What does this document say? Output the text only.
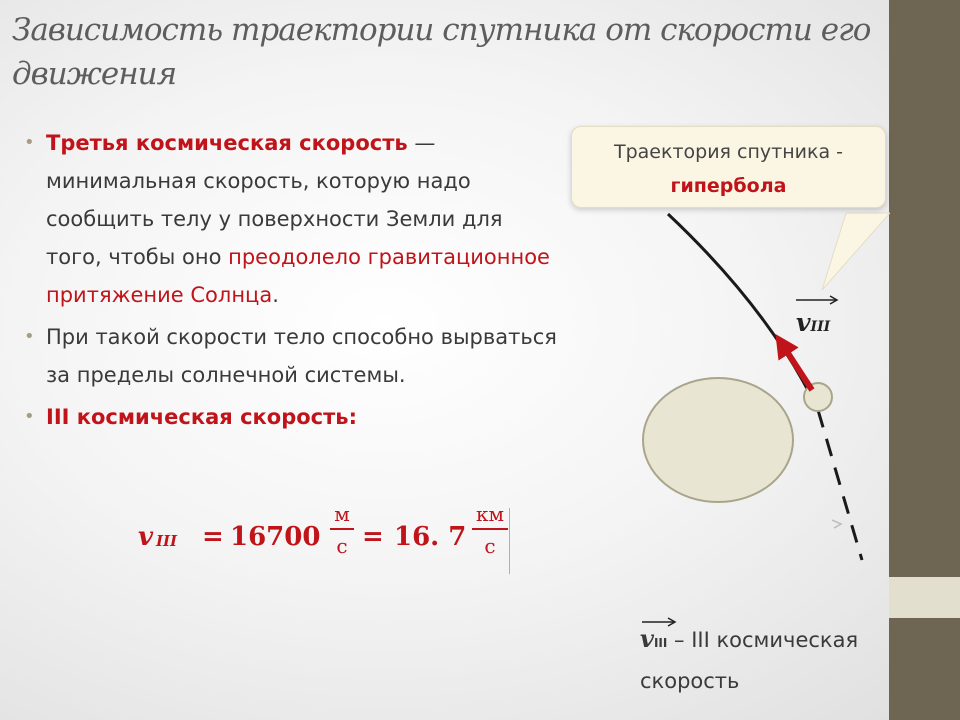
Зависимость траектории спутника от скорости его движения
• Третья космическая скорость — минимальная скорость, которую надо сообщить телу у поверхности Земли для того, чтобы оно преодолело гравитационное притяжение Солнца.
• При такой скорости тело способно вырваться за пределы солнечной системы.
• III космическая скорость:
v III = 16700
м
с = 16. 7
км
с
Траектория спутника -
гипербола
vIII
vIII – III космическая скорость
